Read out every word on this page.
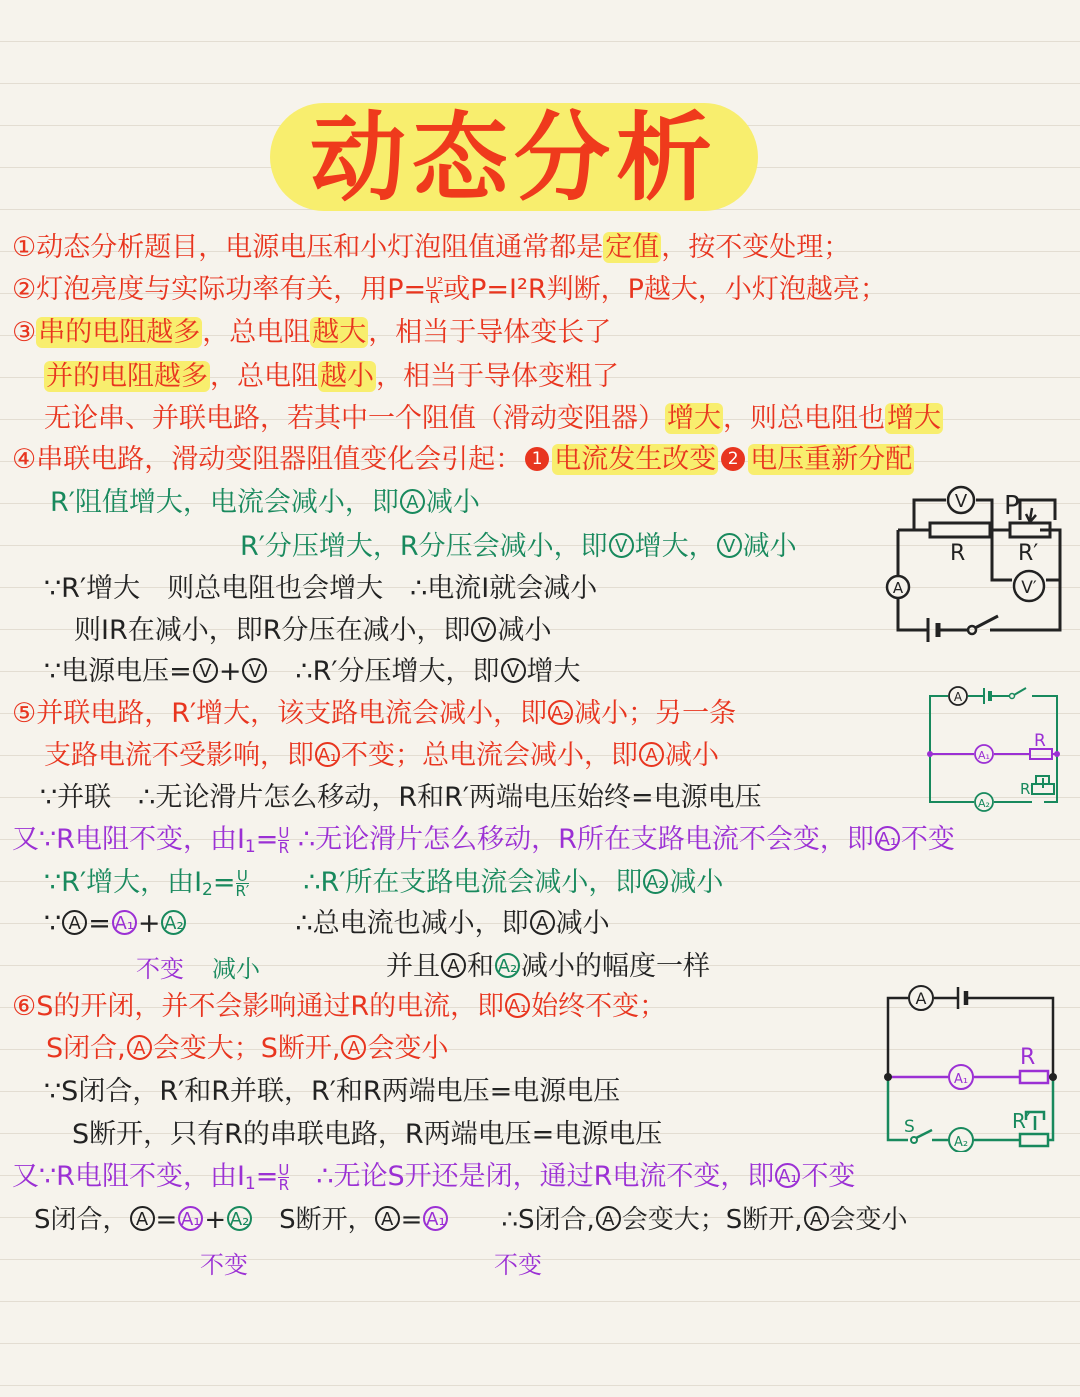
动态分析
①动态分析题目，电源电压和小灯泡阻值通常都是定值，按不变处理；
②灯泡亮度与实际功率有关，用$P= \frac{\text{U²}}{R}$ 或P=I²R判断，P越大，小灯泡越亮；
③串的电阻越多，总电阻越大，相当于导体变长了
并的电阻越多，总电阻越小，相当于导体变粗了
无论串、并联电路，若其中一个阻值（滑动变阻器）增大，则总电阻也增大
④串联电路，滑动变阻器阻值变化会引起： 1 电流发生改变 2 电压重新分配
R′阻值增大，电流会减小，即 A 减小
R′分压增大，R分压会减小，即 V 增大， V 减小
∵R′增大　则总电阻也会增大　∴电流I就会减小
则IR在减小，即R分压在减小，即 V 减小
∵电源电压= V + V　 ∴R′分压增大，即 V 增大
⑤并联电路，R′增大，该支路电流会减小，即 A₂ 减小；另一条
支路电流不受影响，即 A₁ 不变；总电流会减小，即 A 减小
∵并联　∴无论滑片怎么移动，R和R′两端电压始终=电源电压
又∵R电阻不变，由$I1= \frac{U}{R}$ ∴无论滑片怎么移动，R所在支路电流不会变，即 A₁ 不变
∵R′增大，由$I2= \frac{U}{R'}$
　　 ∴R′所在支路电流会减小，即 A₂ 减小
∵ A = A₁ + A₂　　　　	∴总电流也减小，即 A 减小
不变 减小	并且 A 和 A₂ 减小的幅度一样
⑥S的开闭，并不会影响通过R的电流，即 A₁ 始终不变；
S闭合, A 会变大；S断开, A 会变小
∵S闭合，R′和R并联，R′和R两端电压=电源电压
S断开，只有R的串联电路，R两端电压=电源电压
又∵R电阻不变，由$I1= \frac{U}{R}$
　 ∴无论S开还是闭，通过R电流不变，即 A₁ 不变
S闭合， A = A₁ + A₂　 S断开， A = A₁　　 ∴S闭合, A 会变大；S断开, A 会变小
不变	不变
V P
R R′
A	V′
A
A₁
R
A₂
R′
A
R
A₁
S
A₂
R′
